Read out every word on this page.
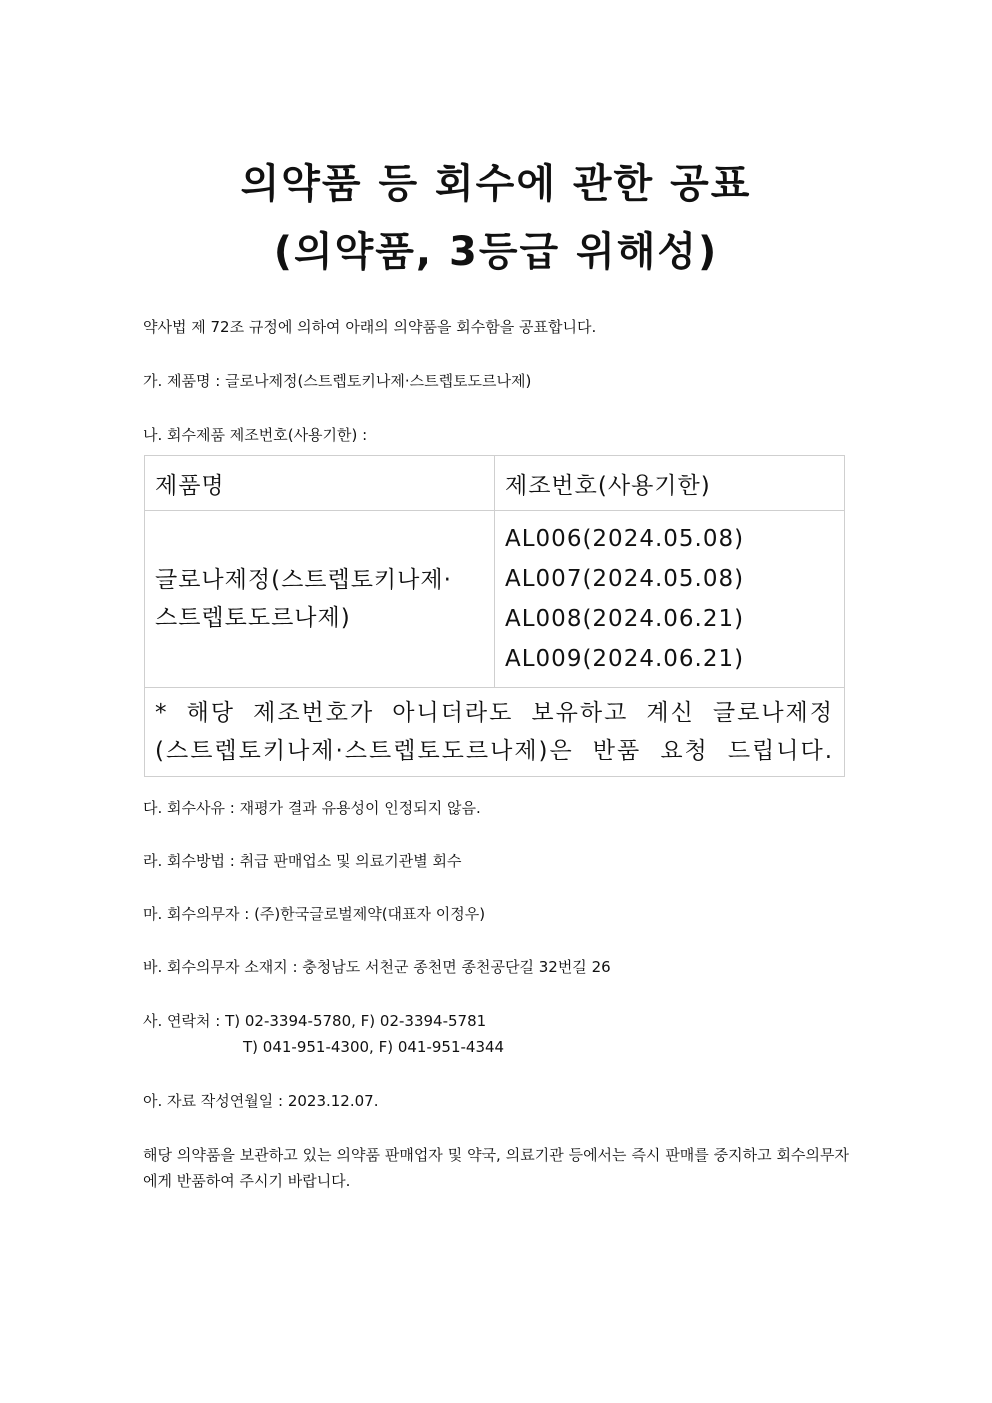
의약품 등 회수에 관한 공표
(의약품, 3등급 위해성)
약사법 제 72조 규정에 의하여 아래의 의약품을 회수함을 공표합니다.
가. 제품명 : 글로나제정(스트렙토키나제·스트렙토도르나제)
나. 회수제품 제조번호(사용기한) :
제품명	제조번호(사용기한)

글로나제정(스트렙토키나제·
스트렙토도르나제)	AL006(2024.05.08)
AL007(2024.05.08)
AL008(2024.06.21)
AL009(2024.06.21)

* 해당 제조번호가 아니더라도 보유하고 계신 글로나제정
(스트렙토키나제·스트렙토도르나제)은 반품 요청 드립니다.	
다. 회수사유 : 재평가 결과 유용성이 인정되지 않음.
라. 회수방법 : 취급 판매업소 및 의료기관별 회수
마. 회수의무자 : (주)한국글로벌제약(대표자 이정우)
바. 회수의무자 소재지 : 충청남도 서천군 종천면 종천공단길 32번길 26
사. 연락처 : T) 02-3394-5780, F) 02-3394-5781
T) 041-951-4300, F) 041-951-4344
아. 자료 작성연월일 : 2023.12.07.
해당 의약품을 보관하고 있는 의약품 판매업자 및 약국, 의료기관 등에서는 즉시 판매를 중지하고 회수의무자에게 반품하여 주시기 바랍니다.
